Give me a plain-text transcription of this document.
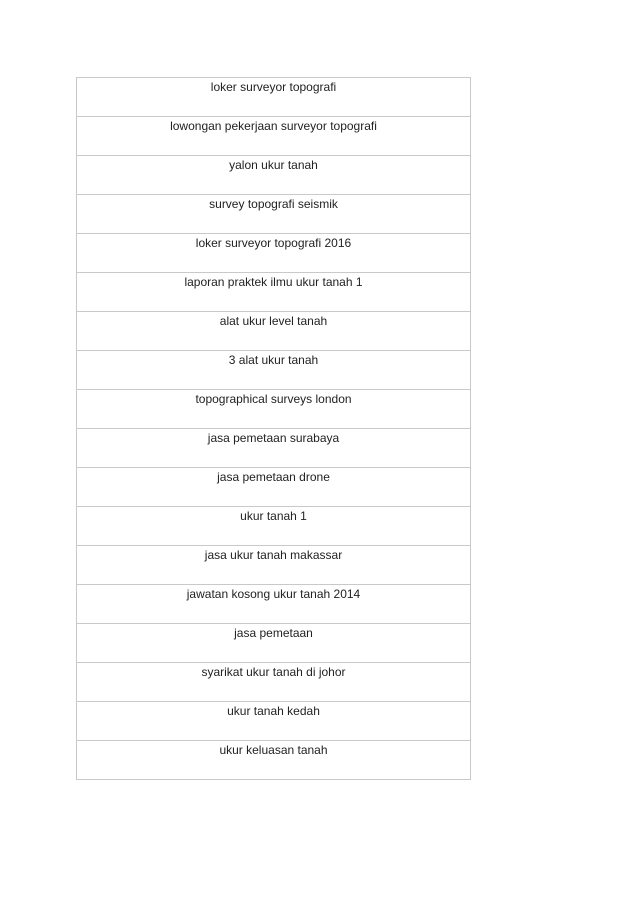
loker surveyor topografi

lowongan pekerjaan surveyor topografi

yalon ukur tanah

survey topografi seismik

loker surveyor topografi 2016

laporan praktek ilmu ukur tanah 1

alat ukur level tanah

3 alat ukur tanah

topographical surveys london

jasa pemetaan surabaya

jasa pemetaan drone

ukur tanah 1

jasa ukur tanah makassar

jawatan kosong ukur tanah 2014

jasa pemetaan

syarikat ukur tanah di johor

ukur tanah kedah

ukur keluasan tanah
